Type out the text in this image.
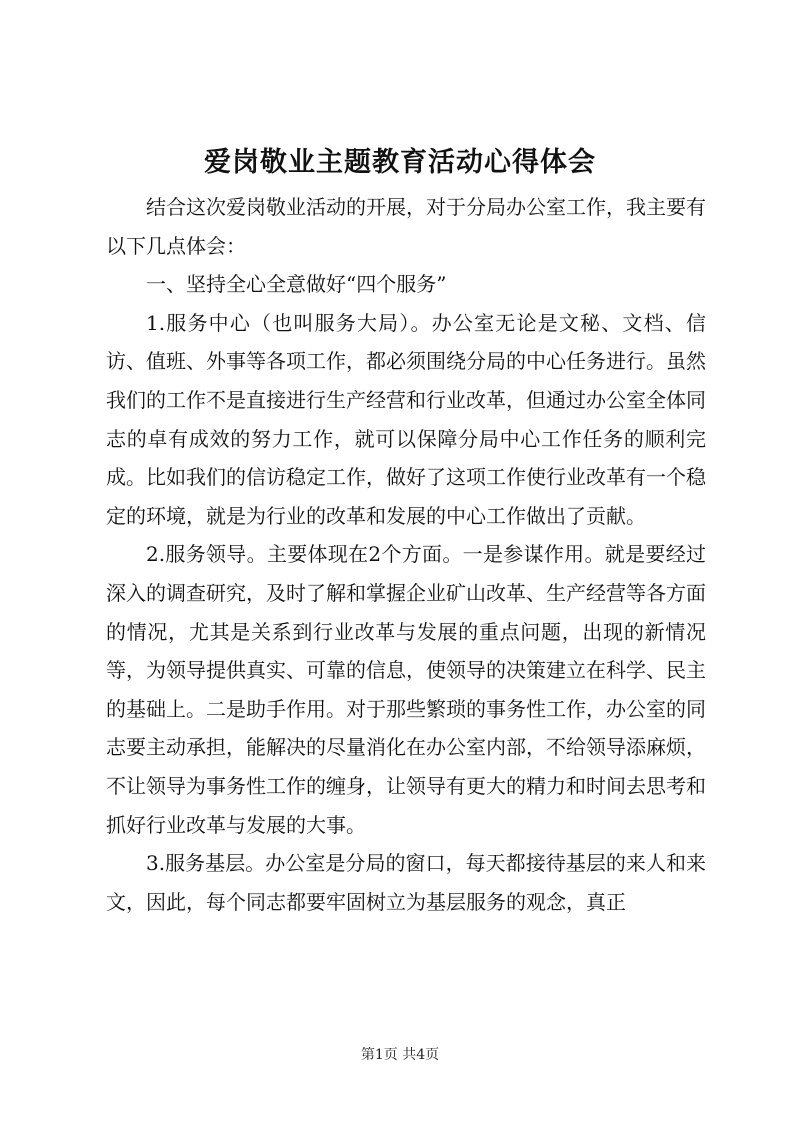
爱岗敬业主题教育活动心得体会

结合这次爱岗敬业活动的开展，对于分局办公室工作，我主要有以下几点体会：

一、坚持全心全意做好“四个服务”

1.服务中心（也叫服务大局）。办公室无论是文秘、文档、信访、值班、外事等各项工作，都必须围绕分局的中心任务进行。虽然我们的工作不是直接进行生产经营和行业改革，但通过办公室全体同志的卓有成效的努力工作，就可以保障分局中心工作任务的顺利完成。比如我们的信访稳定工作，做好了这项工作使行业改革有一个稳定的环境，就是为行业的改革和发展的中心工作做出了贡献。

2.服务领导。主要体现在2个方面。一是参谋作用。就是要经过深入的调查研究，及时了解和掌握企业矿山改革、生产经营等各方面的情况，尤其是关系到行业改革与发展的重点问题，出现的新情况等，为领导提供真实、可靠的信息，使领导的决策建立在科学、民主的基础上。二是助手作用。对于那些繁琐的事务性工作，办公室的同志要主动承担，能解决的尽量消化在办公室内部，不给领导添麻烦，不让领导为事务性工作的缠身，让领导有更大的精力和时间去思考和抓好行业改革与发展的大事。

3.服务基层。办公室是分局的窗口，每天都接待基层的来人和来文，因此，每个同志都要牢固树立为基层服务的观念，真正

第1页 共4页
